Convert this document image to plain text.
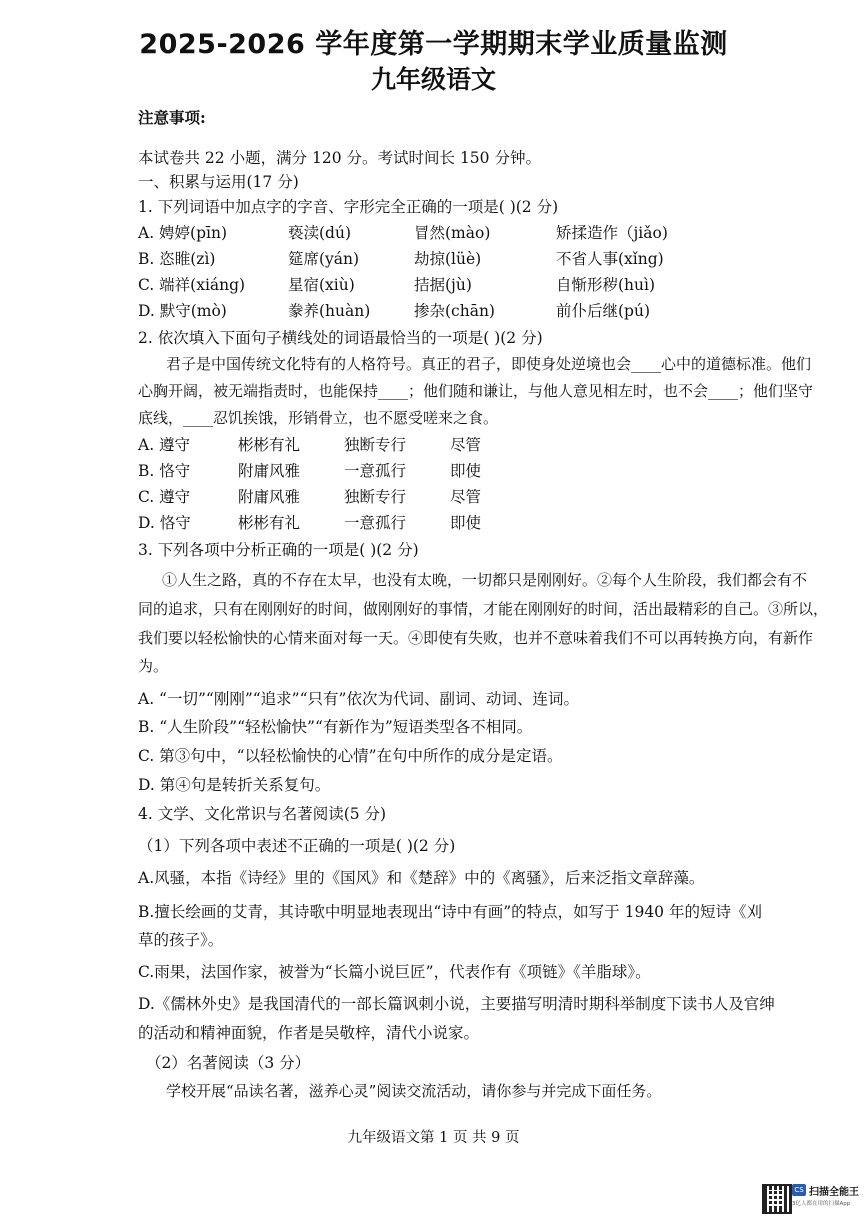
2025-2026 学年度第一学期期末学业质量监测
九年级语文
注意事项:
本试卷共 22 小题，满分 120 分。考试时间长 150 分钟。
一、积累与运用(17 分)
1. 下列词语中加点字的字音、字形完全正确的一项是( )(2 分)
A. 娉婷(pīn)	亵渎(dú)	冒然(mào)	矫揉造作（jiǎo)
B. 恣睢(zì)	筵席(yán)	劫掠(lüè)	不省人事(xǐng)
C. 端祥(xiáng)	星宿(xiù)	拮据(jù)	自惭形秽(huì)
D. 默守(mò)	豢养(huàn)	掺杂(chān)	前仆后继(pú)
2. 依次填入下面句子横线处的词语最恰当的一项是( )(2 分)
君子是中国传统文化特有的人格符号。真正的君子，即使身处逆境也会____心中的道德标准。他们
心胸开阔，被无端指责时，也能保持____；他们随和谦让，与他人意见相左时，也不会____；他们坚守
底线，____忍饥挨饿，形销骨立，也不愿受嗟来之食。
A. 遵守	彬彬有礼	独断专行	尽管
B. 恪守	附庸风雅	一意孤行	即使
C. 遵守	附庸风雅	独断专行	尽管
D. 恪守	彬彬有礼	一意孤行	即使
3. 下列各项中分析正确的一项是( )(2 分)
①人生之路，真的不存在太早，也没有太晚，一切都只是刚刚好。②每个人生阶段，我们都会有不
同的追求，只有在刚刚好的时间，做刚刚好的事情，才能在刚刚好的时间，活出最精彩的自己。③所以，
我们要以轻松愉快的心情来面对每一天。④即使有失败，也并不意味着我们不可以再转换方向，有新作
为。
A. “一切”“刚刚”“追求”“只有”依次为代词、副词、动词、连词。
B. “人生阶段”“轻松愉快”“有新作为”短语类型各不相同。
C. 第③句中，“以轻松愉快的心情”在句中所作的成分是定语。
D. 第④句是转折关系复句。
4. 文学、文化常识与名著阅读(5 分)
（1）下列各项中表述不正确的一项是( )(2 分)
A.风骚，本指《诗经》里的《国风》和《楚辞》中的《离骚》，后来泛指文章辞藻。
B.擅长绘画的艾青，其诗歌中明显地表现出“诗中有画”的特点，如写于 1940 年的短诗《刈
草的孩子》。
C.雨果，法国作家，被誉为“长篇小说巨匠”，代表作有《项链》《羊脂球》。
D.《儒林外史》是我国清代的一部长篇讽刺小说，主要描写明清时期科举制度下读书人及官绅
的活动和精神面貌，作者是吴敬梓，清代小说家。
（2）名著阅读（3 分）
学校开展“品读名著，滋养心灵”阅读交流活动，请你参与并完成下面任务。
九年级语文第 1 页 共 9 页
CS 扫描全能王
3亿人都在用的扫描App
